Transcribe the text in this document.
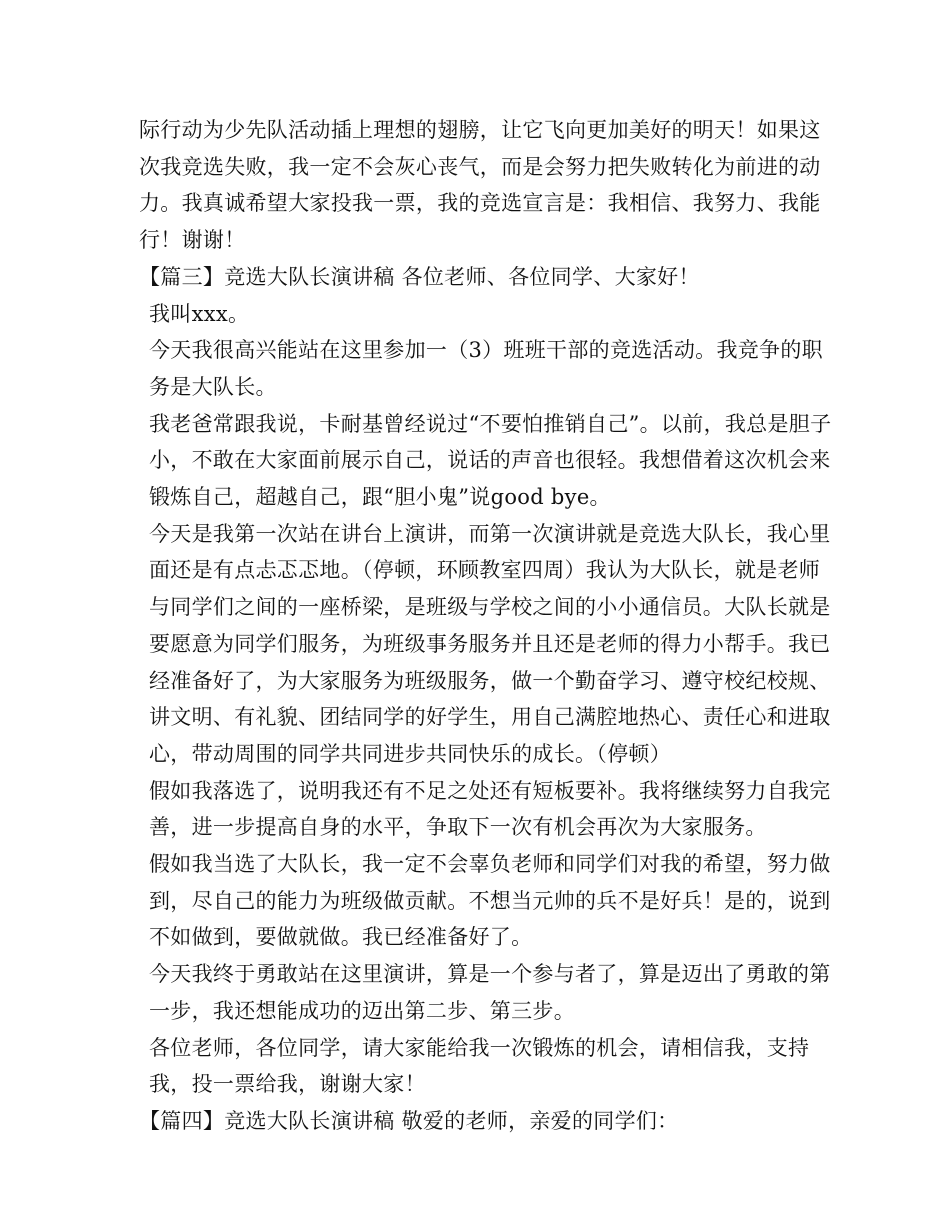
际行动为少先队活动插上理想的翅膀，让它飞向更加美好的明天！如果这次我竞选失败，我一定不会灰心丧气，而是会努力把失败转化为前进的动力。我真诚希望大家投我一票，我的竞选宣言是：我相信、我努力、我能行！谢谢！

【篇三】竞选大队长演讲稿 各位老师、各位同学、大家好！

我叫xxx。

今天我很高兴能站在这里参加一（3）班班干部的竞选活动。我竞争的职务是大队长。

我老爸常跟我说，卡耐基曾经说过“不要怕推销自己”。以前，我总是胆子小，不敢在大家面前展示自己，说话的声音也很轻。我想借着这次机会来锻炼自己，超越自己，跟“胆小鬼”说good bye。

今天是我第一次站在讲台上演讲，而第一次演讲就是竞选大队长，我心里面还是有点忐忑忑地。（停顿，环顾教室四周）我认为大队长，就是老师与同学们之间的一座桥梁，是班级与学校之间的小小通信员。大队长就是要愿意为同学们服务，为班级事务服务并且还是老师的得力小帮手。我已经准备好了，为大家服务为班级服务，做一个勤奋学习、遵守校纪校规、讲文明、有礼貌、团结同学的好学生，用自己满腔地热心、责任心和进取心，带动周围的同学共同进步共同快乐的成长。（停顿）

假如我落选了，说明我还有不足之处还有短板要补。我将继续努力自我完善，进一步提高自身的水平，争取下一次有机会再次为大家服务。

假如我当选了大队长，我一定不会辜负老师和同学们对我的希望，努力做到，尽自己的能力为班级做贡献。不想当元帅的兵不是好兵！是的，说到不如做到，要做就做。我已经准备好了。

今天我终于勇敢站在这里演讲，算是一个参与者了，算是迈出了勇敢的第一步，我还想能成功的迈出第二步、第三步。

各位老师，各位同学，请大家能给我一次锻炼的机会，请相信我，支持我，投一票给我，谢谢大家！

【篇四】竞选大队长演讲稿 敬爱的老师，亲爱的同学们：
